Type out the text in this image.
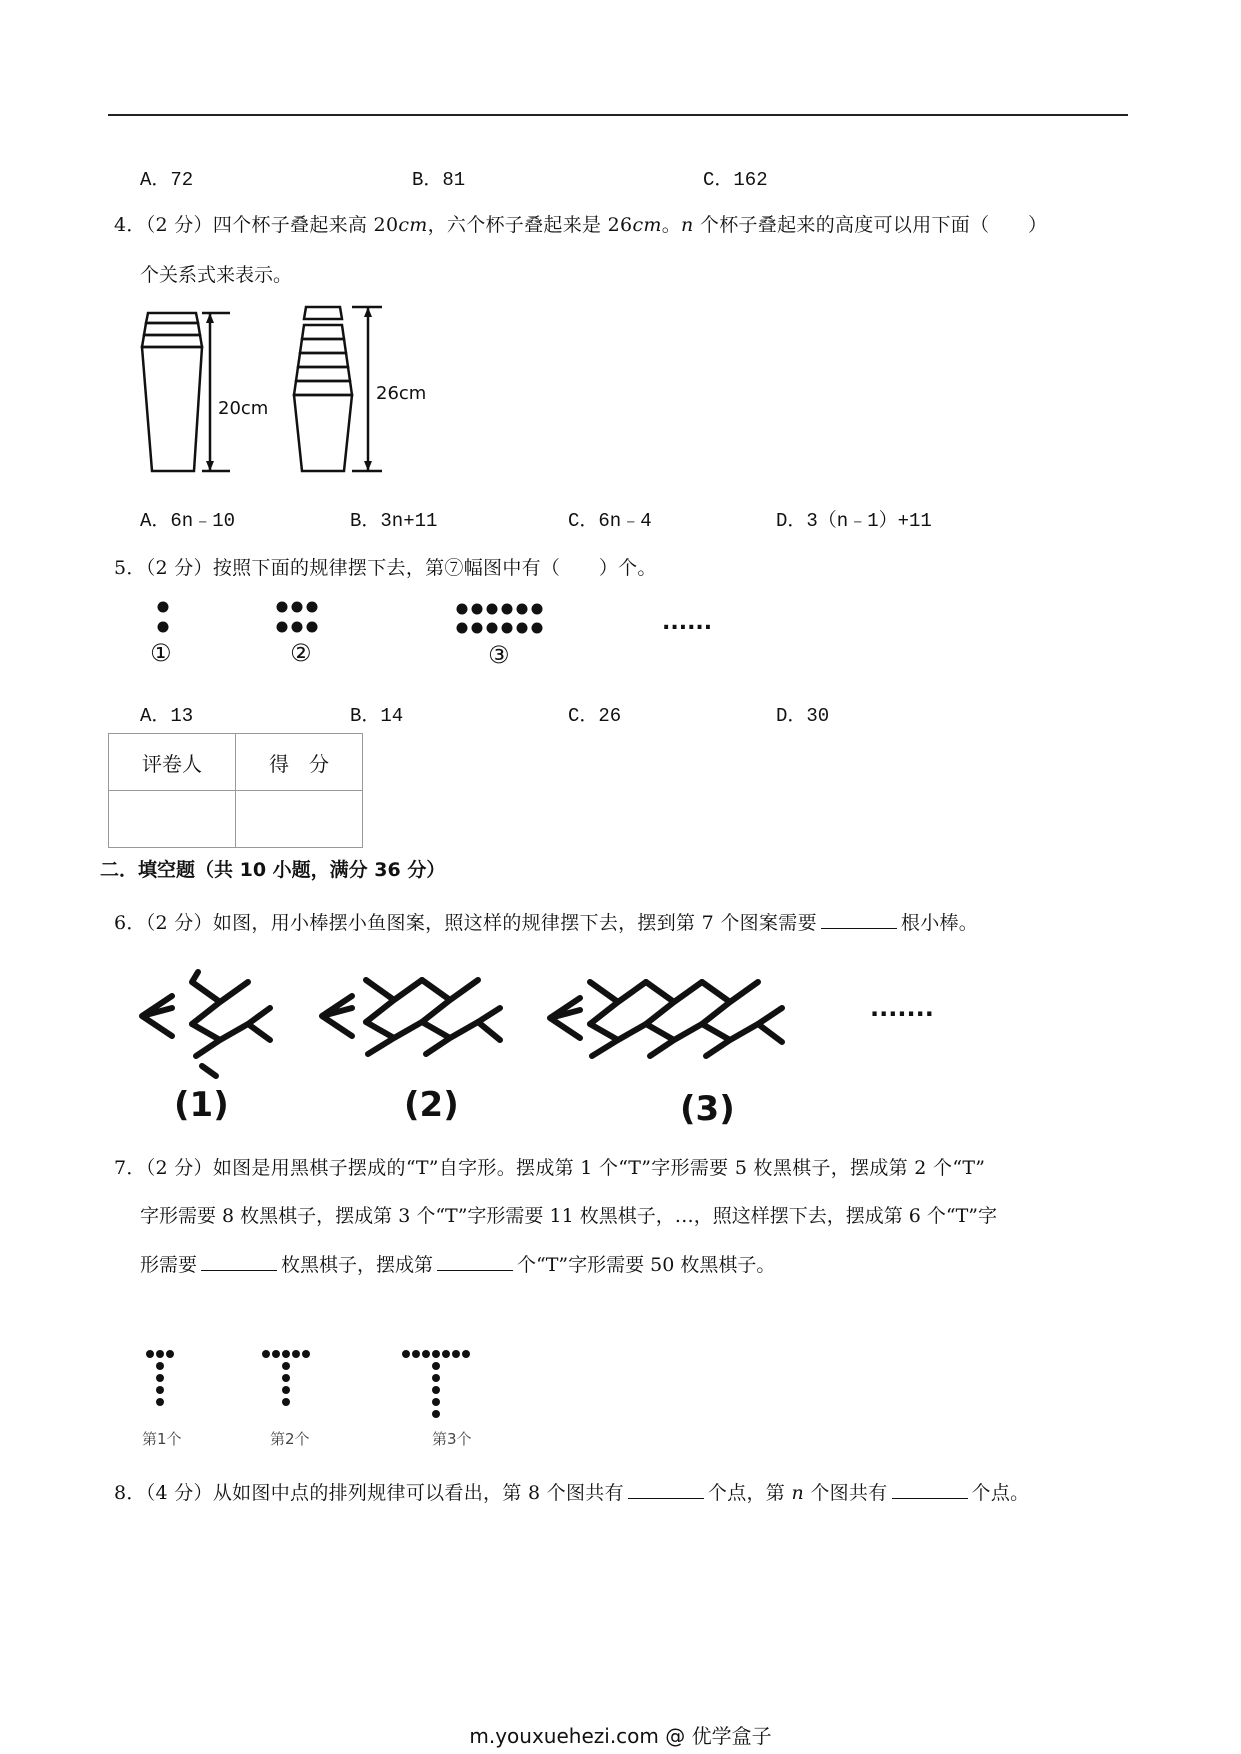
A．72	B．81	C．162
4．（2 分）四个杯子叠起来高 20cm，六个杯子叠起来是 26cm。n 个杯子叠起来的高度可以用下面（　　）
个关系式来表示。
20cm
26cm
A．6n﹣10	B．3n+11	C．6n﹣4	D．3（n﹣1）+11
5．（2 分）按照下面的规律摆下去，第⑦幅图中有（　　）个。
①	②	③
......
A．13	B．14	C．26	D．30
评卷人	得　分

二．填空题（共 10 小题，满分 36 分）
6．（2 分）如图，用小棒摆小鱼图案，照这样的规律摆下去，摆到第 7 个图案需要	根小棒。
(1)	(2)	(3)
.......
7．（2 分）如图是用黑棋子摆成的“T”自字形。摆成第 1 个“T”字形需要 5 枚黑棋子，摆成第 2 个“T”
字形需要 8 枚黑棋子，摆成第 3 个“T”字形需要 11 枚黑棋子，…，照这样摆下去，摆成第 6 个“T”字
形需要	枚黑棋子，摆成第	个“T”字形需要 50 枚黑棋子。
第1个	第2个	第3个
8．（4 分）从如图中点的排列规律可以看出，第 8 个图共有	个点，第 n 个图共有	个点。
m.youxuehezi.com @ 优学盒子
